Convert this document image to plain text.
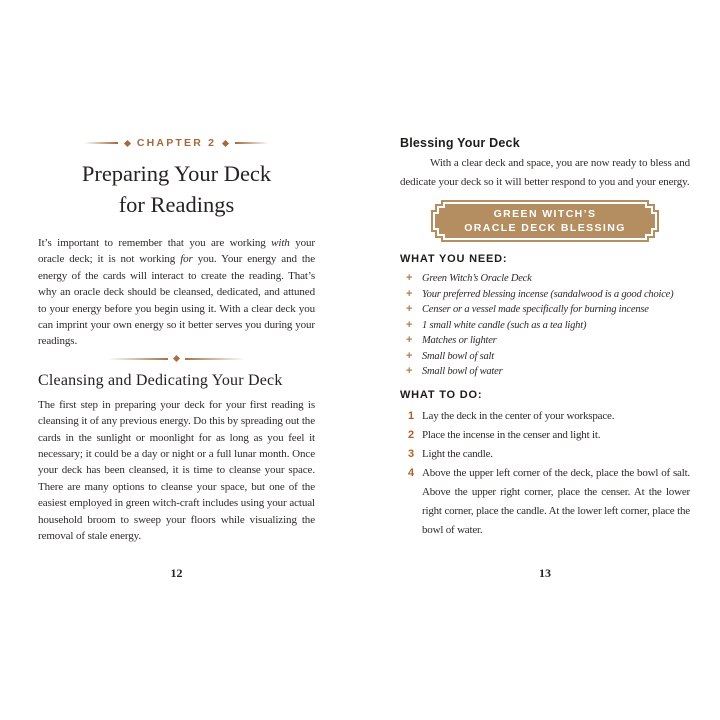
CHAPTER 2
Preparing Your Deck
for Readings

It’s important to remember that you are working with your oracle deck; it is not working for you. Your energy and the energy of the cards will interact to create the reading. That’s why an oracle deck should be cleansed, dedicated, and attuned to your energy before you begin using it. With a clear deck you can imprint your own energy so it better serves you during your readings.

Cleansing and Dedicating Your Deck

The first step in preparing your deck for your first reading is cleansing it of any previous energy. Do this by spreading out the cards in the sunlight or moonlight for as long as you feel it necessary; it could be a day or night or a full lunar month. Once your deck has been cleansed, it is time to cleanse your space. There are many options to cleanse your space, but one of the easiest employed in green witch-craft includes using your actual household broom to sweep your floors while visualizing the removal of stale energy.

12
Blessing Your Deck

With a clear deck and space, you are now ready to bless and dedicate your deck so it will better respond to you and your energy.

GREEN WITCH’S
ORACLE DECK BLESSING
WHAT YOU NEED:
+ Green Witch’s Oracle Deck
+ Your preferred blessing incense (sandalwood is a good choice)
+ Censer or a vessel made specifically for burning incense
+ 1 small white candle (such as a tea light)
+ Matches or lighter
+ Small bowl of salt
+ Small bowl of water
WHAT TO DO:
1 Lay the deck in the center of your workspace.
2 Place the incense in the censer and light it.
3 Light the candle.
4 Above the upper left corner of the deck, place the bowl of salt. Above the upper right corner, place the censer. At the lower right corner, place the candle. At the lower left corner, place the bowl of water.
13
